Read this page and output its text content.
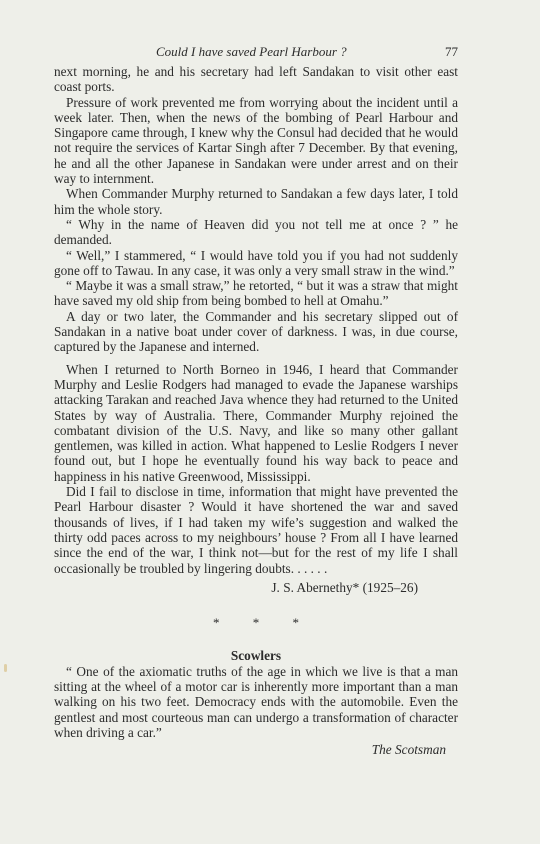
Could I have saved Pearl Harbour ?	77

next morning, he and his secretary had left Sandakan to visit other east coast ports.

Pressure of work prevented me from worrying about the incident until a week later. Then, when the news of the bombing of Pearl Harbour and Singapore came through, I knew why the Consul had decided that he would not require the services of Kartar Singh after 7 December. By that evening, he and all the other Japanese in Sandakan were under arrest and on their way to internment.

When Commander Murphy returned to Sandakan a few days later, I told him the whole story.

“ Why in the name of Heaven did you not tell me at once ? ” he demanded.

“ Well,” I stammered, “ I would have told you if you had not suddenly gone off to Tawau. In any case, it was only a very small straw in the wind.”

“ Maybe it was a small straw,” he retorted, “ but it was a straw that might have saved my old ship from being bombed to hell at Omahu.”

A day or two later, the Commander and his secretary slipped out of Sandakan in a native boat under cover of darkness. I was, in due course, captured by the Japanese and interned.

When I returned to North Borneo in 1946, I heard that Commander Murphy and Leslie Rodgers had managed to evade the Japanese warships attacking Tarakan and reached Java whence they had returned to the United States by way of Australia. There, Commander Murphy rejoined the combatant division of the U.S. Navy, and like so many other gallant gentlemen, was killed in action. What happened to Leslie Rodgers I never found out, but I hope he eventually found his way back to peace and happiness in his native Greenwood, Mississippi.

Did I fail to disclose in time, information that might have prevented the Pearl Harbour disaster ? Would it have shortened the war and saved thousands of lives, if I had taken my wife’s suggestion and walked the thirty odd paces across to my neighbours’ house ? From all I have learned since the end of the war, I think not—but for the rest of my life I shall occasionally be troubled by lingering doubts. . . . . .

J. S. Abernethy* (1925–26)
* * *
Scowlers

“ One of the axiomatic truths of the age in which we live is that a man sitting at the wheel of a motor car is inherently more important than a man walking on his two feet. Democracy ends with the automobile. Even the gentlest and most courteous man can undergo a transformation of character when driving a car.”

The Scotsman
